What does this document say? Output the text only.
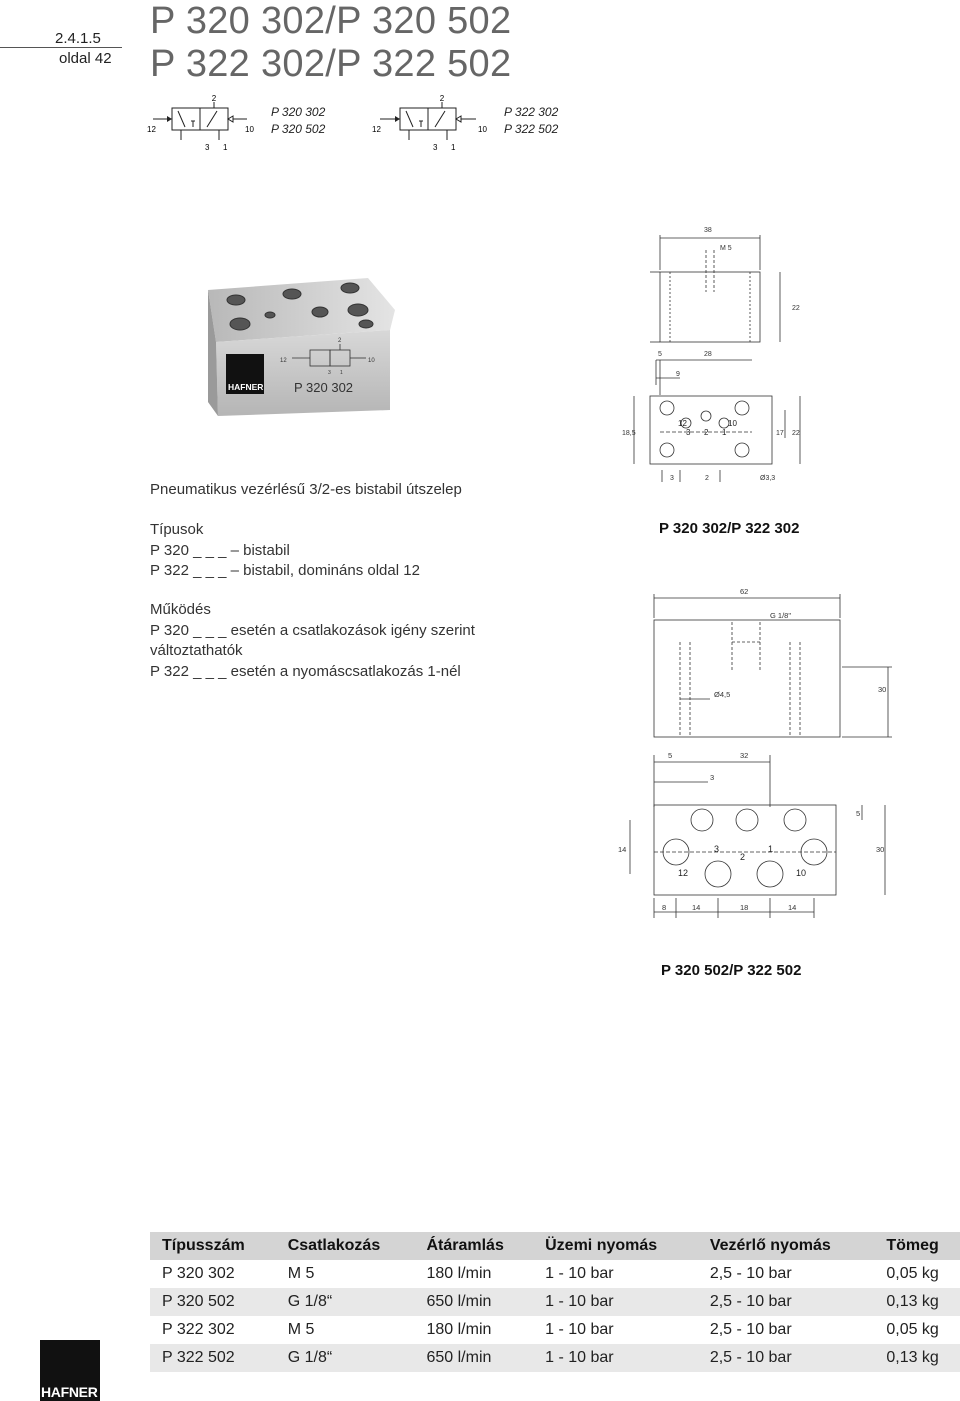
2.4.1.5
oldal 42
P 320 302/P 320 502
P 322 302/P 322 502
2
12	10
3 1
P 320 302
P 320 502
2
12	10
3 1
P 322 302
P 322 502
HAFNER
12
2
10
3 1
P 320 302
38
M 5
22
5	28
9
18,5	17 22
3	2	Ø3,3
12	10
3 2 1
Pneumatikus vezérlésű 3/2-es bistabil útszelep
Típusok
P 320 _ _ _ – bistabil
P 322 _ _ _ – bistabil, domináns oldal 12
Működés
P 320 _ _ _ esetén a csatlakozások igény szerint
változtathatók
P 322 _ _ _ esetén a nyomáscsatlakozás 1-nél
P 320 302/P 322 302
62
G 1/8"
Ø4,5
30
5	32
3
5
14	30
8	14	18	14
3
2
1
12	10
P 320 502/P 322 502
Típusszám	Csatlakozás	Átáramlás	Üzemi nyomás	Vezérlő nyomás	Tömeg
P 320 302	M 5	180 l/min	1 - 10 bar	2,5 - 10 bar	0,05 kg
P 320 502	G 1/8“	650 l/min	1 - 10 bar	2,5 - 10 bar	0,13 kg
P 322 302	M 5	180 l/min	1 - 10 bar	2,5 - 10 bar	0,05 kg
P 322 502	G 1/8“	650 l/min	1 - 10 bar	2,5 - 10 bar	0,13 kg
HAFNER
